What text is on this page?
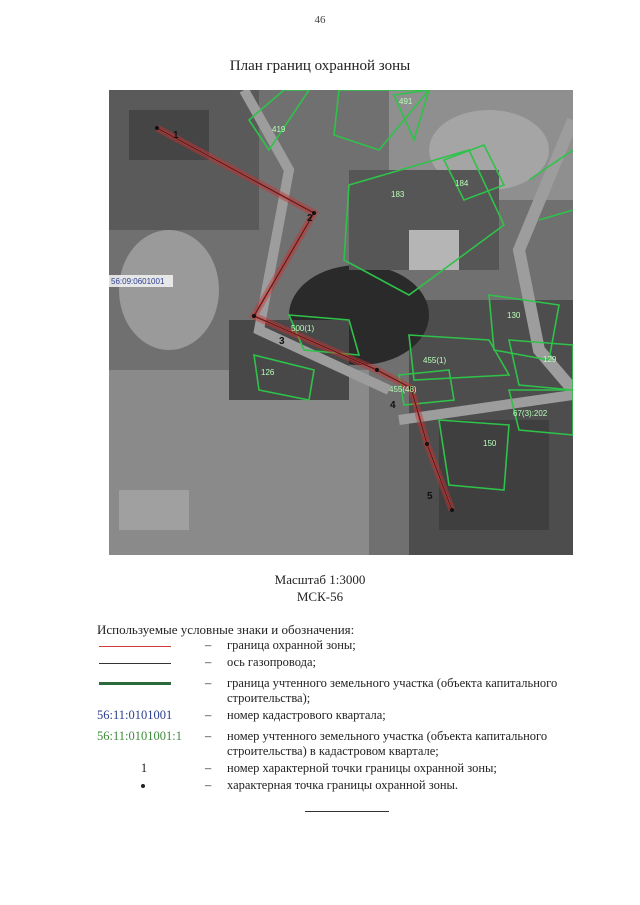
46
План границ охранной зоны
1
2
3
4
5
56:09:0601001
491
419
183
184
500(1)
126
455(1)
455(48)
130
129
67(3):202
150
Масштаб 1:3000
МСК-56
Используемые условные знаки и обозначения:
–	граница охранной зоны;
–	ось газопровода;
–	граница учтенного земельного участка (объекта капитального строительства);
56:11:0101001	–	номер кадастрового квартала;
56:11:0101001:1	–	номер учтенного земельного участка (объекта капитального строительства) в кадастровом квартале;
1	–	номер характерной точки границы охранной зоны;
–	характерная точка границы охранной зоны.
